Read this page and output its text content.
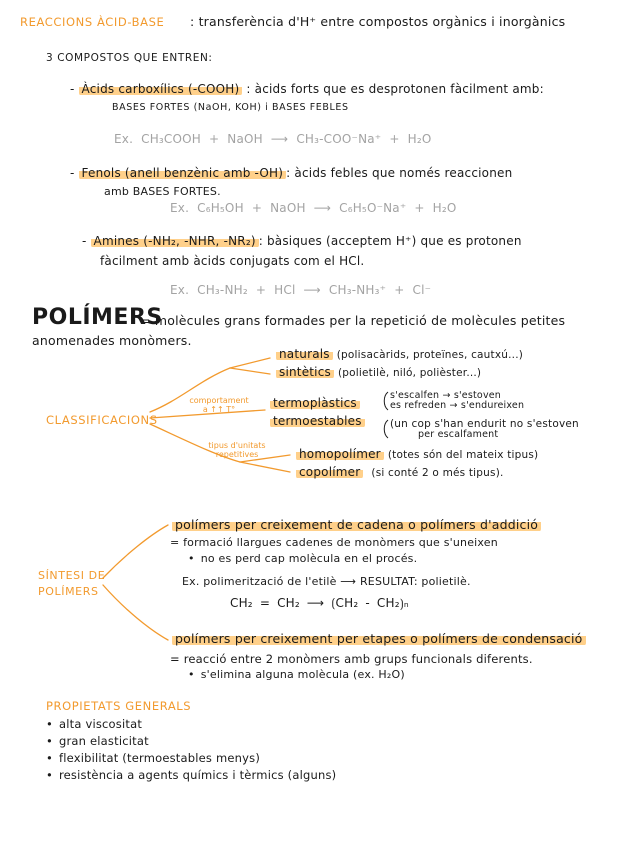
REACCIONS ÀCID-BASE : transferència d'H⁺ entre compostos orgànics i inorgànics
3 COMPOSTOS QUE ENTREN:
- Àcids carboxílics (-COOH) : àcids forts que es desprotonen fàcilment amb:
BASES FORTES (NaOH, KOH) i BASES FEBLES
Ex. CH₃COOH + NaOH ⟶ CH₃-COO⁻Na⁺ + H₂O
- Fenols (anell benzènic amb -OH) : àcids febles que només reaccionen
amb BASES FORTES.
Ex. C₆H₅OH + NaOH ⟶ C₆H₅O⁻Na⁺ + H₂O
- Amines (-NH₂, -NHR, -NR₂) : bàsiques (acceptem H⁺) que es protonen
fàcilment amb àcids conjugats com el HCl.
Ex. CH₃-NH₂ + HCl ⟶ CH₃-NH₃⁺ + Cl⁻
POLÍMERS
= molècules grans formades per la repetició de molècules petites
anomenades monòmers.
CLASSIFICACIONS
comportament a ↑↑ T°
tipus d'unitats repetitives
naturals (polisacàrids, proteïnes, cautxú...)
sintètics (polietilè, niló, polièster...)
termoplàstics
s'escalfen → s'estoven
es refreden → s'endureixen
termoestables	(un cop s'han endurit no s'estoven
per escalfament
homopolímer (totes són del mateix tipus)
copolímer (si conté 2 o més tipus).
SÍNTESI DE
POLÍMERS
polímers per creixement de cadena o polímers d'addició
= formació llargues cadenes de monòmers que s'uneixen
• no es perd cap molècula en el procés.
Ex. polimerització de l'etilè ⟶ RESULTAT: polietilè.
CH₂ = CH₂ ⟶ ⟮CH₂ - CH₂⟯ₙ
polímers per creixement per etapes o polímers de condensació
= reacció entre 2 monòmers amb grups funcionals diferents.
• s'elimina alguna molècula (ex. H₂O)
PROPIETATS GENERALS
• alta viscositat
• gran elasticitat
• flexibilitat (termoestables menys)
• resistència a agents químics i tèrmics (alguns)
